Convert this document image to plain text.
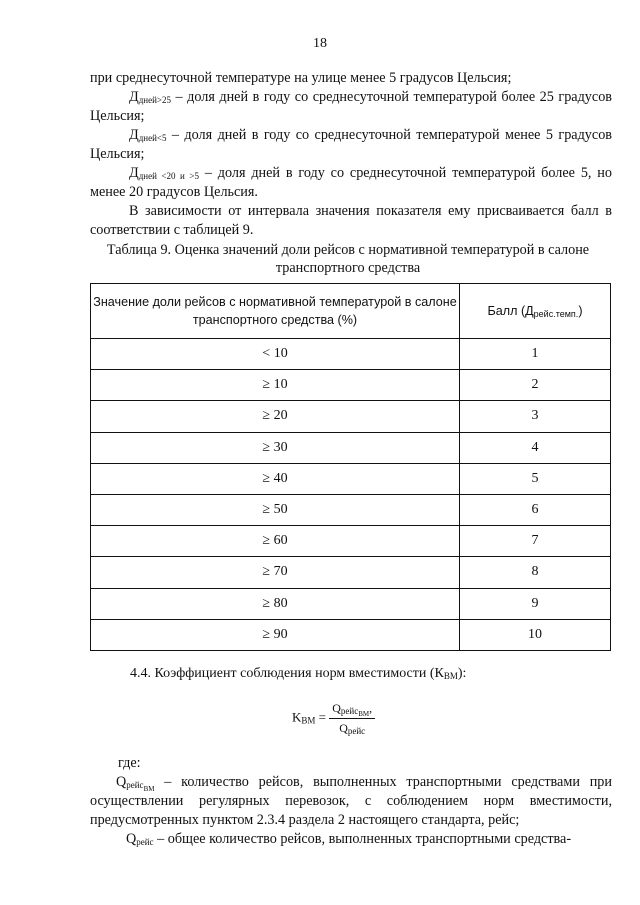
18
при среднесуточной температуре на улице менее 5 градусов Цельсия;
$Д_{дней>25}$ – доля дней в году со среднесуточной температурой более 25 градусов Цельсия;
$Д_{дней<5}$ – доля дней в году со среднесуточной температурой менее 5 градусов Цельсия;
$Д_{дней <20 и >5}$ – доля дней в году со среднесуточной температурой более 5, но менее 20 градусов Цельсия.
В зависимости от интервала значения показателя ему присваивается балл в соответствии с таблицей 9.
Таблица 9. Оценка значений доли рейсов с нормативной температурой в салоне
транспортного средства
Значение доли рейсов с нормативной температурой в салоне транспортного средства (%)	Балл $(Д_{рейс.темп.})$
< 10	1
≥ 10	2
≥ 20	3
≥ 30	4
≥ 40	5
≥ 50	6
≥ 60	7
≥ 70	8
≥ 80	9
≥ 90	10
4.4. Коэффициент соблюдения норм вместимости $(К_{ВМ})$:
$K_{ВМ} = \frac{Q_{рейсВМ},}{Q_{рейс}}$
где:
$Q_{рейсВМ}$ – количество рейсов, выполненных транспортными средствами при осуществлении регулярных перевозок, с соблюдением норм вместимости, предусмотренных пунктом 2.3.4 раздела 2 настоящего стандарта, рейс;
$Q_{рейс}$ – общее количество рейсов, выполненных транспортными средства-
